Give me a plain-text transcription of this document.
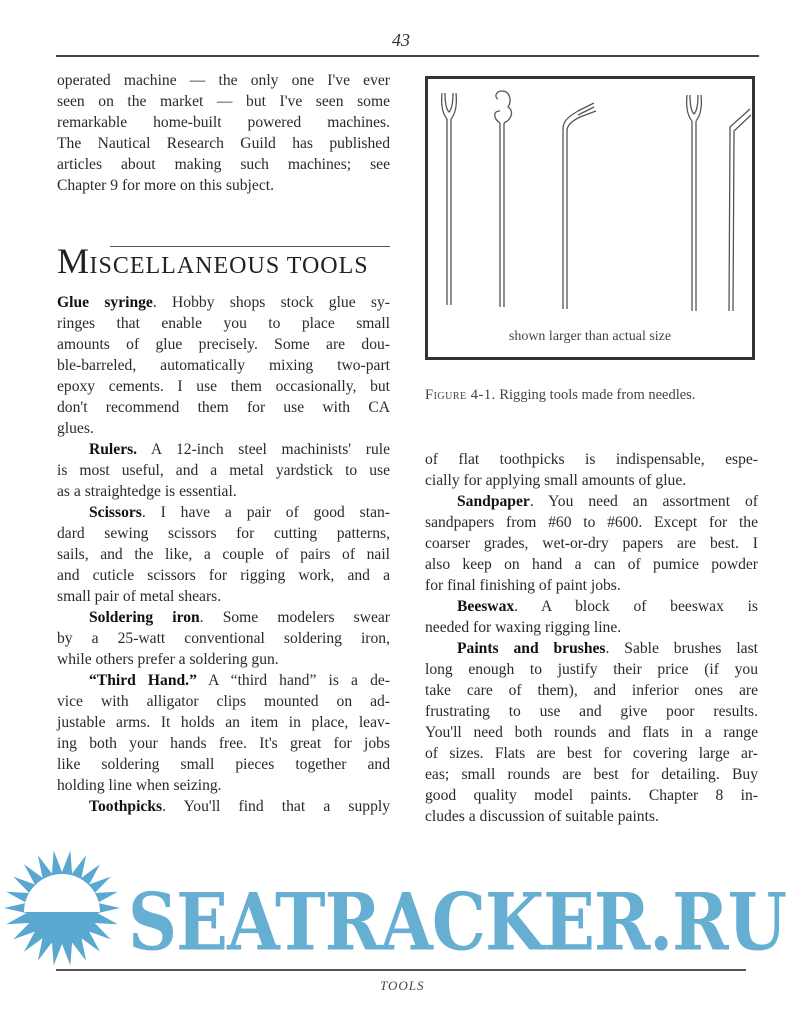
43
operated machine — the only one I've ever
seen on the market — but I've seen some
remarkable home-built powered machines.
The Nautical Research Guild has published
articles about making such machines; see
Chapter 9 for more on this subject.
MISCELLANEOUS TOOLS
Glue syringe. Hobby shops stock glue sy-
ringes that enable you to place small
amounts of glue precisely. Some are dou-
ble-barreled, automatically mixing two-part
epoxy cements. I use them occasionally, but
don't recommend them for use with CA
glues.
Rulers. A 12-inch steel machinists' rule
is most useful, and a metal yardstick to use
as a straightedge is essential.
Scissors. I have a pair of good stan-
dard sewing scissors for cutting patterns,
sails, and the like, a couple of pairs of nail
and cuticle scissors for rigging work, and a
small pair of metal shears.
Soldering iron. Some modelers swear
by a 25-watt conventional soldering iron,
while others prefer a soldering gun.
“Third Hand.” A “third hand” is a de-
vice with alligator clips mounted on ad-
justable arms. It holds an item in place, leav-
ing both your hands free. It's great for jobs
like soldering small pieces together and
holding line when seizing.
Toothpicks. You'll find that a supply
shown larger than actual size
Figure 4-1. Rigging tools made from needles.
of flat toothpicks is indispensable, espe-
cially for applying small amounts of glue.
Sandpaper. You need an assortment of
sandpapers from #60 to #600. Except for the
coarser grades, wet-or-dry papers are best. I
also keep on hand a can of pumice powder
for final finishing of paint jobs.
Beeswax. A block of beeswax is
needed for waxing rigging line.
Paints and brushes. Sable brushes last
long enough to justify their price (if you
take care of them), and inferior ones are
frustrating to use and give poor results.
You'll need both rounds and flats in a range
of sizes. Flats are best for covering large ar-
eas; small rounds are best for detailing. Buy
good quality model paints. Chapter 8 in-
cludes a discussion of suitable paints.
TOOLS
SEATRACKER.RU
